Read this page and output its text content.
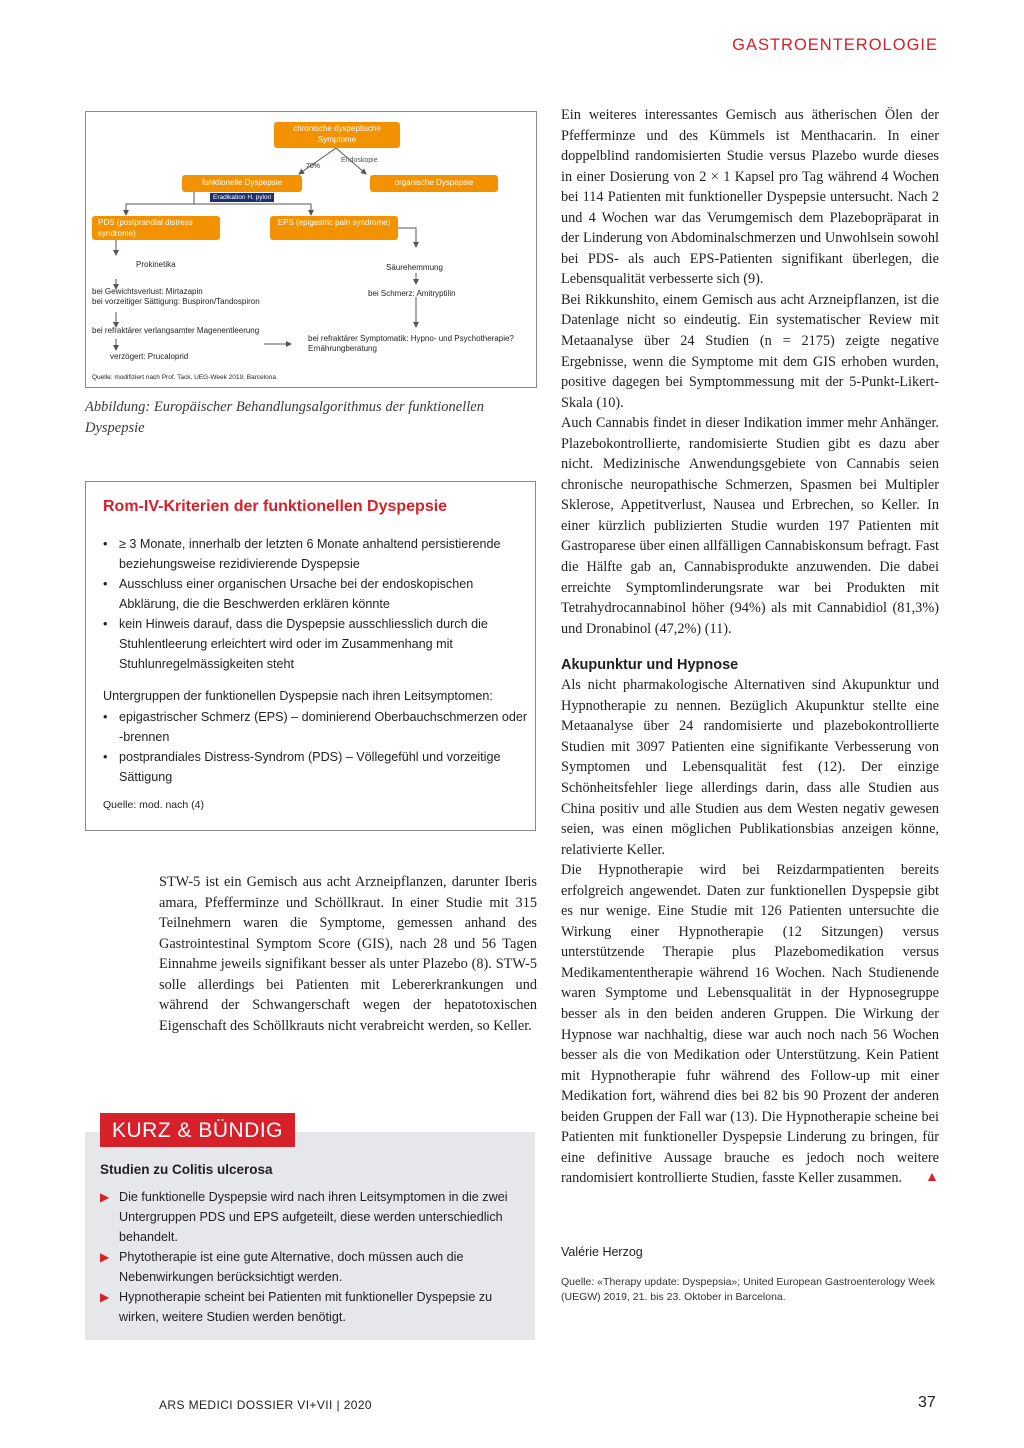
GASTROENTEROLOGIE
chronische dyspeptische Symptome
70%
Endoskopie
funktionelle Dyspepsie	organische Dyspepsie
Eradikation H. pylori
PDS (postprandial distress syndrome)
EPS (epigastric pain syndrome)
Prokinetika	Säurehemmung
bei Gewichtsverlust: Mirtazapin
bei vorzeitiger Sättigung: Buspiron/Tandospiron
bei Schmerz: Amitryptilin
bei refraktärer verlangsamter Magenentleerung
verzögert: Prucaloprid
bei refraktärer Symptomatik: Hypno- und Psychotherapie?
Ernährungberatung
Quelle: modifiziert nach Prof. Tack, UEG-Week 2019, Barcelona
Abbildung: Europäischer Behandlungsalgorithmus der funktionellen Dyspepsie
Rom-IV-Kriterien der funktionellen Dyspepsie
• ≥ 3 Monate, innerhalb der letzten 6 Monate anhaltend persistierende beziehungsweise rezidivierende Dyspepsie
• Ausschluss einer organischen Ursache bei der endoskopischen Abklärung, die die Beschwerden erklären könnte
• kein Hinweis darauf, dass die Dyspepsie ausschliesslich durch die Stuhlentleerung erleichtert wird oder im Zusammenhang mit Stuhlunregelmässigkeiten steht
Untergruppen der funktionellen Dyspepsie nach ihren Leitsymptomen:
• epigastrischer Schmerz (EPS) – dominierend Oberbauchschmerzen oder -brennen
• postprandiales Distress-Syndrom (PDS) – Völlegefühl und vorzeitige Sättigung
Quelle: mod. nach (4)

STW-5 ist ein Gemisch aus acht Arzneipflanzen, darunter Iberis amara, Pfefferminze und Schöllkraut. In einer Studie mit 315 Teilnehmern waren die Symptome, gemessen anhand des Gastrointestinal Symptom Score (GIS), nach 28 und 56 Tagen Einnahme jeweils signifikant besser als unter Plazebo (8). STW-5 solle allerdings bei Patienten mit Lebererkrankungen und während der Schwangerschaft wegen der hepatotoxischen Eigenschaft des Schöllkrauts nicht verabreicht werden, so Keller.

Studien zu Colitis ulcerosa
▶ Die funktionelle Dyspepsie wird nach ihren Leitsymptomen in die zwei Untergruppen PDS und EPS aufgeteilt, diese werden unterschiedlich behandelt.
▶ Phytotherapie ist eine gute Alternative, doch müssen auch die Nebenwirkungen berücksichtigt werden.
▶ Hypnotherapie scheint bei Patienten mit funktioneller Dyspepsie zu wirken, weitere Studien werden benötigt.
KURZ & BÜNDIG

Ein weiteres interessantes Gemisch aus ätherischen Ölen der Pfefferminze und des Kümmels ist Menthacarin. In einer doppelblind randomisierten Studie versus Plazebo wurde dieses in einer Dosierung von 2 × 1 Kapsel pro Tag während 4 Wochen bei 114 Patienten mit funktioneller Dyspepsie untersucht. Nach 2 und 4 Wochen war das Verumgemisch dem Plazebopräparat in der Linderung von Abdominalschmerzen und Unwohlsein sowohl bei PDS- als auch EPS-Patienten signifikant überlegen, die Lebensqualität verbesserte sich (9).

Bei Rikkunshito, einem Gemisch aus acht Arzneipflanzen, ist die Datenlage nicht so eindeutig. Ein systematischer Review mit Metaanalyse über 24 Studien (n = 2175) zeigte negative Ergebnisse, wenn die Symptome mit dem GIS erhoben wurden, positive dagegen bei Symptommessung mit der 5-Punkt-Likert-Skala (10).

Auch Cannabis findet in dieser Indikation immer mehr Anhänger. Plazebokontrollierte, randomisierte Studien gibt es dazu aber nicht. Medizinische Anwendungsgebiete von Cannabis seien chronische neuropathische Schmerzen, Spasmen bei Multipler Sklerose, Appetitverlust, Nausea und Erbrechen, so Keller. In einer kürzlich publizierten Studie wurden 197 Patienten mit Gastroparese über einen allfälligen Cannabiskonsum befragt. Fast die Hälfte gab an, Cannabisprodukte anzuwenden. Die dabei erreichte Symptomlinderungsrate war bei Produkten mit Tetrahydrocannabinol höher (94%) als mit Cannabidiol (81,3%) und Dronabinol (47,2%) (11).

Akupunktur und Hypnose

Als nicht pharmakologische Alternativen sind Akupunktur und Hypnotherapie zu nennen. Bezüglich Akupunktur stellte eine Metaanalyse über 24 randomisierte und plazebokontrollierte Studien mit 3097 Patienten eine signifikante Verbesserung von Symptomen und Lebensqualität fest (12). Der einzige Schönheitsfehler liege allerdings darin, dass alle Studien aus China positiv und alle Studien aus dem Westen negativ gewesen seien, was einen möglichen Publikationsbias anzeigen könne, relativierte Keller.

Die Hypnotherapie wird bei Reizdarmpatienten bereits erfolgreich angewendet. Daten zur funktionellen Dyspepsie gibt es nur wenige. Eine Studie mit 126 Patienten untersuchte die Wirkung einer Hypnotherapie (12 Sitzungen) versus unterstützende Therapie plus Plazebomedikation versus Medikamententherapie während 16 Wochen. Nach Studienende waren Symptome und Lebensqualität in der Hypnosegruppe besser als in den beiden anderen Gruppen. Die Wirkung der Hypnose war nachhaltig, diese war auch noch nach 56 Wochen besser als die von Medikation oder Unterstützung. Kein Patient mit Hypnotherapie fuhr während des Follow-up mit einer Medikation fort, während dies bei 82 bis 90 Prozent der anderen beiden Gruppen der Fall war (13). Die Hypnotherapie scheine bei Patienten mit funktioneller Dyspepsie Linderung zu bringen, für eine definitive Aussage brauche es jedoch noch weitere randomisiert kontrollierte Studien, fasste Keller zusammen. ▲

Valérie Herzog
Quelle: «Therapy update: Dyspepsia»; United European Gastroenterology Week (UEGW) 2019, 21. bis 23. Oktober in Barcelona.
ARS MEDICI DOSSIER VI+VII | 2020	37
